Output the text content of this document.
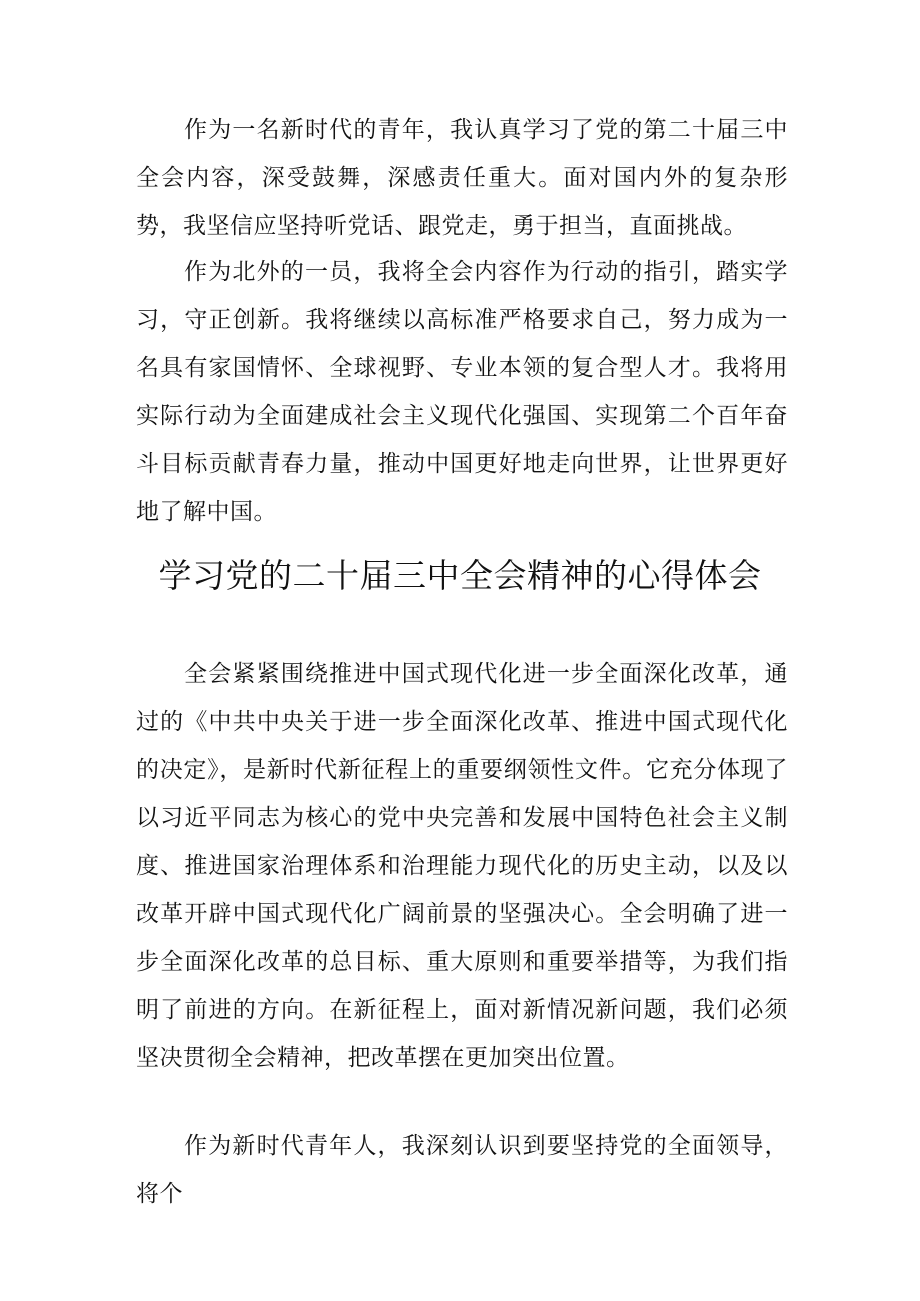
作为一名新时代的青年，我认真学习了党的第二十届三中全会内容，深受鼓舞，深感责任重大。面对国内外的复杂形势，我坚信应坚持听党话、跟党走，勇于担当，直面挑战。

作为北外的一员，我将全会内容作为行动的指引，踏实学习，守正创新。我将继续以高标准严格要求自己，努力成为一名具有家国情怀、全球视野、专业本领的复合型人才。我将用实际行动为全面建成社会主义现代化强国、实现第二个百年奋斗目标贡献青春力量，推动中国更好地走向世界，让世界更好地了解中国。

学习党的二十届三中全会精神的心得体会

全会紧紧围绕推进中国式现代化进一步全面深化改革，通过的《中共中央关于进一步全面深化改革、推进中国式现代化的决定》，是新时代新征程上的重要纲领性文件。它充分体现了以习近平同志为核心的党中央完善和发展中国特色社会主义制度、推进国家治理体系和治理能力现代化的历史主动，以及以改革开辟中国式现代化广阔前景的坚强决心。全会明确了进一步全面深化改革的总目标、重大原则和重要举措等，为我们指明了前进的方向。在新征程上，面对新情况新问题，我们必须坚决贯彻全会精神，把改革摆在更加突出位置。

作为新时代青年人，我深刻认识到要坚持党的全面领导，将个
